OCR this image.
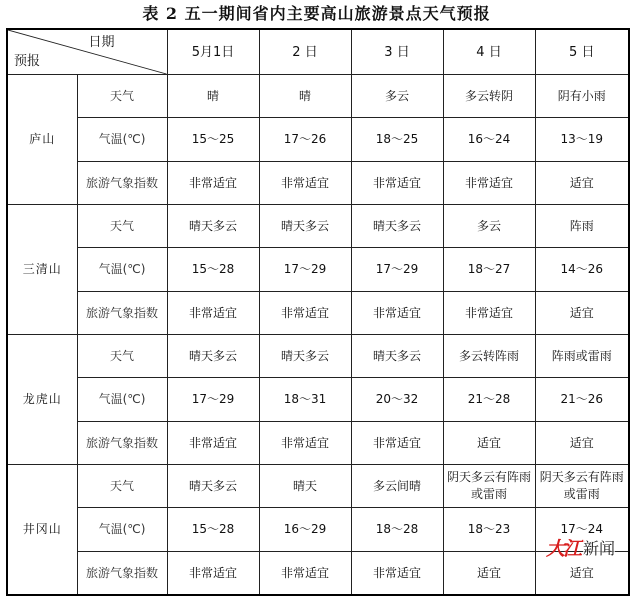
表 2 五一期间省内主要高山旅游景点天气预报
日期
预报		5月1日	2 日	3 日	4 日	5 日
庐山	天气	晴	晴	多云	多云转阴	阴有小雨
	气温(℃)	15～25	17～26	18～25	16～24	13～19
	旅游气象指数	非常适宜	非常适宜	非常适宜	非常适宜	适宜
三清山	天气	晴天多云	晴天多云	晴天多云	多云	阵雨
	气温(℃)	15～28	17～29	17～29	18～27	14～26
	旅游气象指数	非常适宜	非常适宜	非常适宜	非常适宜	适宜
龙虎山	天气	晴天多云	晴天多云	晴天多云	多云转阵雨	阵雨或雷雨
	气温(℃)	17～29	18～31	20～32	21～28	21～26
	旅游气象指数	非常适宜	非常适宜	非常适宜	适宜	适宜
井冈山	天气	晴天多云	晴天	多云间晴	阴天多云有阵雨或雷雨	阴天多云有阵雨或雷雨
	气温(℃)	15～28	16～29	18～28	18～23	17～24
	旅游气象指数	非常适宜	非常适宜	非常适宜	适宜	适宜
大江 新闻
